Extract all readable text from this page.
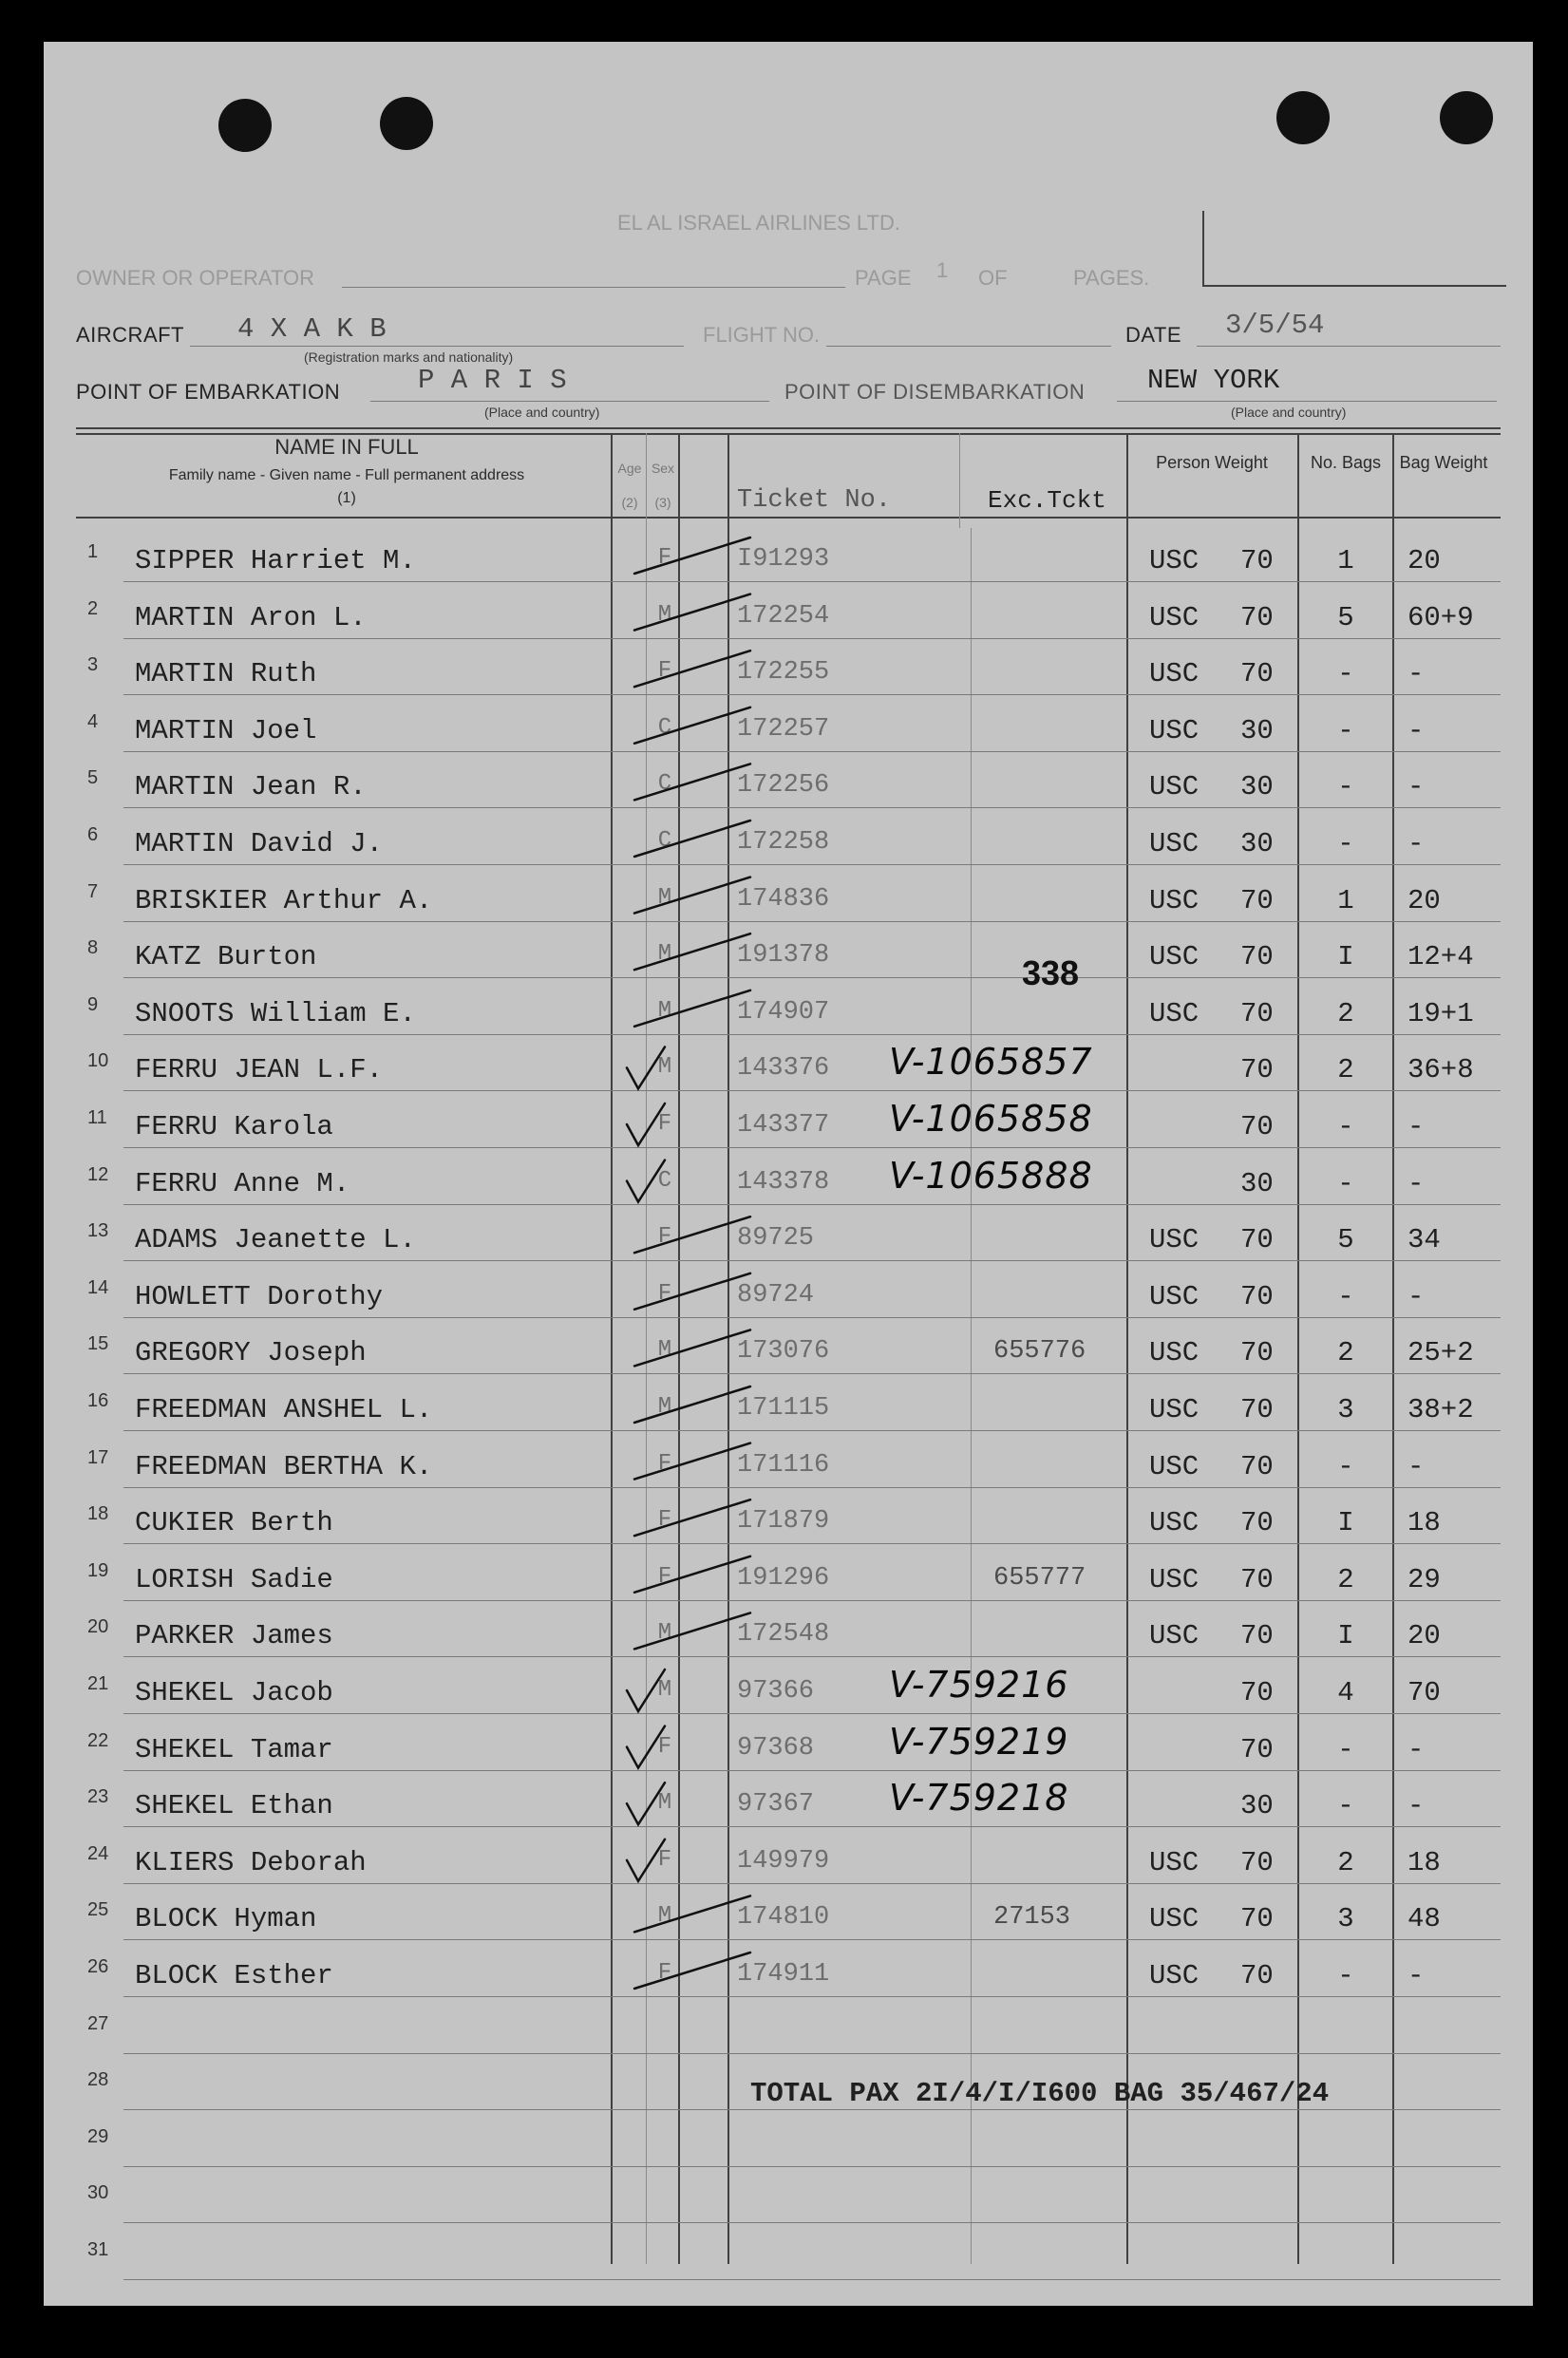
EL AL ISRAEL AIRLINES LTD.
OWNER OR OPERATOR	PAGE 1 OF	PAGES.
AIRCRAFT 4 X A K B
(Registration marks and nationality)
FLIGHT NO.	DATE 3/5/54
POINT OF EMBARKATION	P A R I S
(Place and country)
POINT OF DISEMBARKATION NEW YORK
(Place and country)
NAME IN FULL
Family name - Given name - Full permanent address
(1)
Age
(2)
Sex
(3)	Ticket No.	Exc.Tckt
Person Weight	No. Bags	Bag Weight
1 SIPPER Harriet M.	F	I91293	USC 70	1	20
2 MARTIN Aron L.	M	172254	USC 70	5	60+9
3 MARTIN Ruth	F	172255	USC 70	-	-
4 MARTIN Joel	C	172257	USC 30	-	-
5 MARTIN Jean R.	C	172256	USC 30	-	-
6 MARTIN David J.	C	172258	USC 30	-	-
7 BRISKIER Arthur A.	M	174836	USC 70	1	20
8 KATZ Burton	M	191378	USC 70	I	12+4
9 SNOOTS William E.	M	174907	USC 70	2	19+1
10 FERRU JEAN L.F.	M	143376 V-1065857	70	2	36+8
11 FERRU Karola	F	143377 V-1065858	70	-	-
12 FERRU Anne M.	C	143378 V-1065888	30	-	-
13 ADAMS Jeanette L.	F	89725	USC 70	5	34
14 HOWLETT Dorothy	F	89724	USC 70	-	-
15 GREGORY Joseph	M	173076	655776 USC 70	2	25+2
16 FREEDMAN ANSHEL L.	M	171115	USC 70	3	38+2
17 FREEDMAN BERTHA K.	F	171116	USC 70	-	-
18 CUKIER Berth	F	171879	USC 70	I	18
19 LORISH Sadie	F	191296	655777 USC 70	2	29
20 PARKER James	M	172548	USC 70	I	20
21 SHEKEL Jacob	M	97366 V-759216	70	4	70
22 SHEKEL Tamar	F	97368 V-759219	70	-	-
23 SHEKEL Ethan	M	97367 V-759218	30	-	-
24 KLIERS Deborah	F	149979	USC 70	2	18
25 BLOCK Hyman	M	174810	27153	USC 70	3	48
26 BLOCK Esther	F	174911	USC 70	-	-
27
28
29
30
31
338
TOTAL PAX 2I/4/I/I600 BAG 35/467/24
